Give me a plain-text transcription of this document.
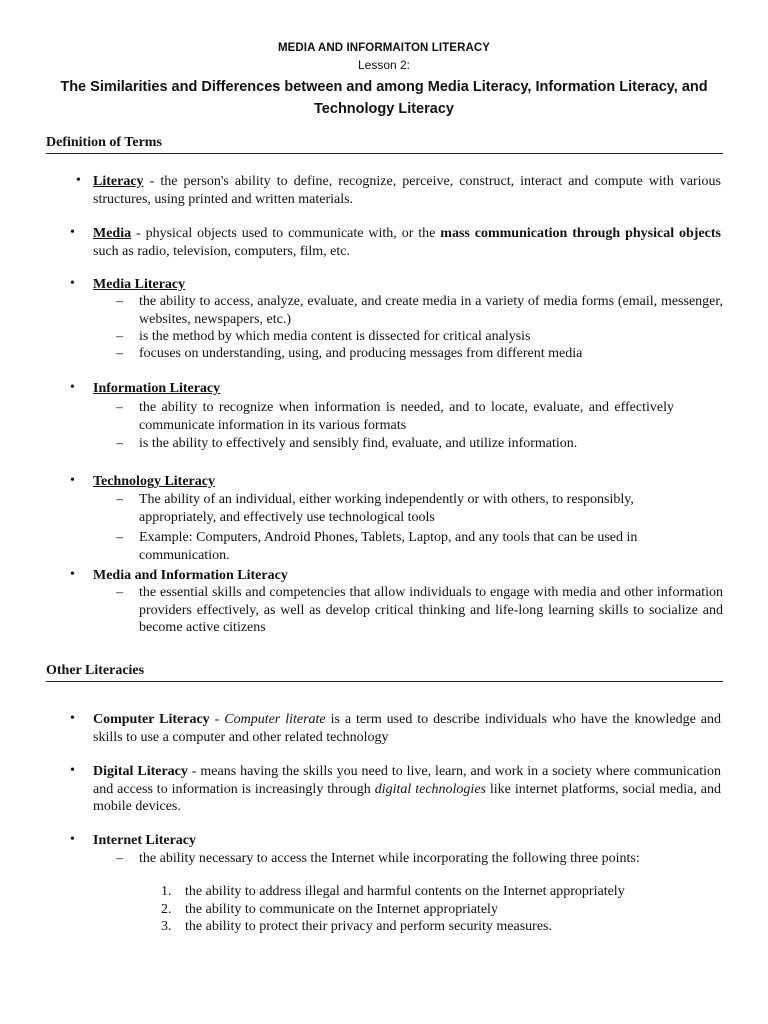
MEDIA AND INFORMAITON LITERACY
Lesson 2:
The Similarities and Differences between and among Media Literacy, Information Literacy, and Technology Literacy
Definition of Terms
• Literacy - the person's ability to define, recognize, perceive, construct, interact and compute with various structures, using printed and written materials.
• Media - physical objects used to communicate with, or the mass communication through physical objects such as radio, television, computers, film, etc.
• Media Literacy
–	the ability to access, analyze, evaluate, and create media in a variety of media forms (email, messenger, websites, newspapers, etc.)
–	is the method by which media content is dissected for critical analysis
–	focuses on understanding, using, and producing messages from different media
• Information Literacy
–	the ability to recognize when information is needed, and to locate, evaluate, and effectively communicate information in its various formats
–	is the ability to effectively and sensibly find, evaluate, and utilize information.
• Technology Literacy
–	The ability of an individual, either working independently or with others, to responsibly, appropriately, and effectively use technological tools
–	Example: Computers, Android Phones, Tablets, Laptop, and any tools that can be used in communication.
• Media and Information Literacy
–	the essential skills and competencies that allow individuals to engage with media and other information providers effectively, as well as develop critical thinking and life-long learning skills to socialize and become active citizens
Other Literacies
• Computer Literacy - Computer literate is a term used to describe individuals who have the knowledge and skills to use a computer and other related technology
• Digital Literacy - means having the skills you need to live, learn, and work in a society where communication and access to information is increasingly through digital technologies like internet platforms, social media, and mobile devices.
• Internet Literacy
–	the ability necessary to access the Internet while incorporating the following three points:
1. the ability to address illegal and harmful contents on the Internet appropriately
2. the ability to communicate on the Internet appropriately
3. the ability to protect their privacy and perform security measures.
